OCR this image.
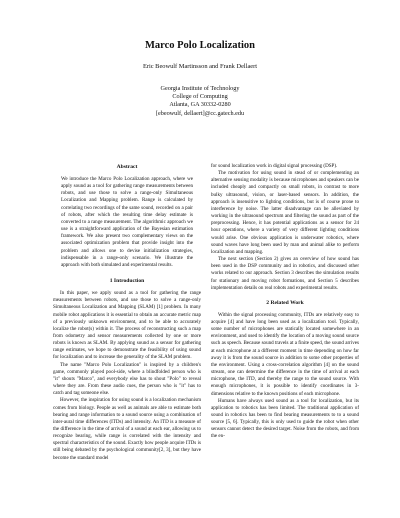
Marco Polo Localization
Eric Beowulf Martinsson and Frank Dellaert
Georgia Institute of Technology
College of Computing
Atlanta, GA 30332-0280
[ebeowulf, dellaert]@cc.gatech.edu
Abstract

We introduce the Marco Polo Localization approach, where we apply sound as a tool for gathering range measurements between robots, and use those to solve a range-only Simultaneous Localization and Mapping problem. Range is calculated by correlating two recordings of the same sound, recorded on a pair of robots, after which the resulting time delay estimate is converted to a range measurement. The algorithmic approach we use is a straightforward application of the Bayesian estimation framework. We also present two complementary views on the associated optimization problem that provide insight into the problem and allows one to devise initialization strategies, indispensable in a range-only scenario. We illustrate the approach with both simulated and experimental results.

1 Introduction

In this paper, we apply sound as a tool for gathering the range measurements between robots, and use those to solve a range-only Simultaneous Localization and Mapping (SLAM) [1] problem. In many mobile robot applications it is essential to obtain an accurate metric map of a previously unknown environment, and to be able to accurately localize the robot(s) within it. The process of reconstructing such a map from odometry and sensor measurements collected by one or more robots is known as SLAM. By applying sound as a sensor for gathering range estimates, we hope to demonstrate the feasibility of using sound for localization and to increase the generality of the SLAM problem.

The name "Marco Polo Localization" is inspired by a children's game, commonly played pool-side, where a blindfolded person who is "it" shouts "Marco", and everybody else has to shout "Polo" to reveal where they are. From these audio cues, the person who is "it" has to catch and tag someone else.

However, the inspiration for using sound is a localization mechanism comes from biology. People as well as animals are able to estimate both bearing and range information to a sound source using a combination of inter-aural time differences (ITDs) and intensity. An ITD is a measure of the difference in the time of arrival of a sound at each ear, allowing us to recognize bearing, while range is correlated with the intensity and spectral characteristics of the sound. Exactly how people acquire ITDs is still being debated by the psychological community[2, 3], but they have become the standard model

for sound localization work in digital signal processing (DSP).

The motivation for using sound in stead of or complementing an alternative sensing modality is because microphones and speakers can be included cheaply and compactly on small robots, in contrast to more bulky ultrasound, vision, or laser-based sensors. In addition, the approach is insensitive to lighting conditions, but is of course prone to interference by noise. The latter disadvantage can be alleviated by working in the ultrasound spectrum and filtering the sound as part of the preprocessing. Hence, it has potential applications as a sensor for 24 hour operations, where a variety of very different lighting conditions would arise. One obvious application is underwater robotics, where sound waves have long been used by man and animal alike to perform localization and mapping.

The next section (Section 2) gives an overview of how sound has been used in the DSP community and in robotics, and discussed other works related to our approach. Section 3 describes the simulation results for stationary and moving robot formations, and Section 5 describes implementation details on real robots and experimental results.

2 Related Work

Within the signal processing community, ITDs are relatively easy to acquire [4] and have long been used as a localization tool. Typically, some number of microphones are statically located somewhere in an environment, and used to identify the location of a moving sound source such as speech. Because sound travels at a finite speed, the sound arrives at each microphone at a different moment in time depending on how far away it is from the sound source in addition to some other properties of the environment. Using a cross-correlation algorithm [4] on the sound stream, one can determine the difference in the time of arrival at each microphone, the ITD, and thereby the range to the sound source. With enough microphones, it is possible to identify coordinates in 3-dimensions relative to the known positions of each microphone.

Humans have always used sound as a tool for localization, but its application to robotics has been limited. The traditional application of sound in robotics has been to find bearing measurements to to a sound source [5, 6]. Typically, this is only used to guide the robot when other sensors cannot detect the desired target. Noise from the robots, and from the en-
